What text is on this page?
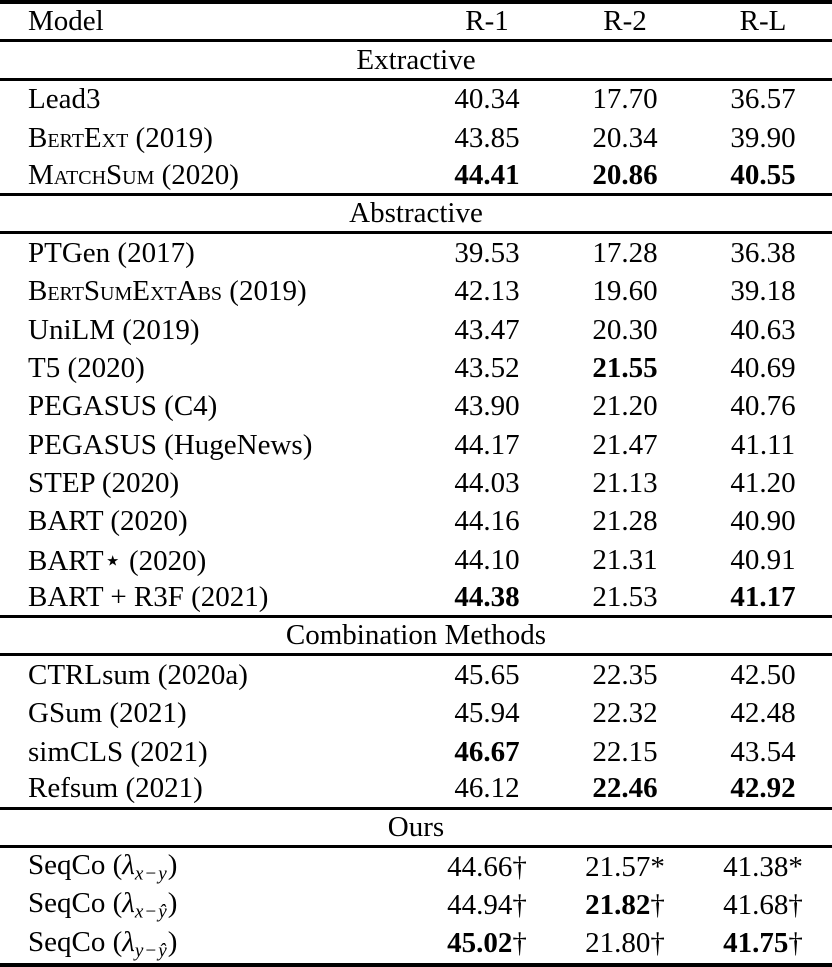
Model	R-1	R-2	R-L
Extractive
Lead3	40.34	17.70	36.57
BertExt (2019)	43.85	20.34	39.90
MatchSum (2020)	44.41	20.86	40.55
Abstractive
PTGen (2017)	39.53	17.28	36.38
BertSumExtAbs (2019)	42.13	19.60	39.18
UniLM (2019)	43.47	20.30	40.63
T5 (2020)	43.52	21.55	40.69
PEGASUS (C4)	43.90	21.20	40.76
PEGASUS (HugeNews)	44.17	21.47	41.11
STEP (2020)	44.03	21.13	41.20
BART (2020)	44.16	21.28	40.90
BART⋆ (2020)	44.10	21.31	40.91
BART + R3F (2021)	44.38	21.53	41.17
Combination Methods
CTRLsum (2020a)	45.65	22.35	42.50
GSum (2021)	45.94	22.32	42.48
simCLS (2021)	46.67	22.15	43.54
Refsum (2021)	46.12	22.46	42.92
Ours
SeqCo $(\lambda_{x-y})$	44.66†	21.57*	41.38*
SeqCo $(\lambda_{x-ŷ})$	44.94†	21.82†	41.68†
SeqCo $(\lambda_{y-ŷ})$	45.02†	21.80†	41.75†
